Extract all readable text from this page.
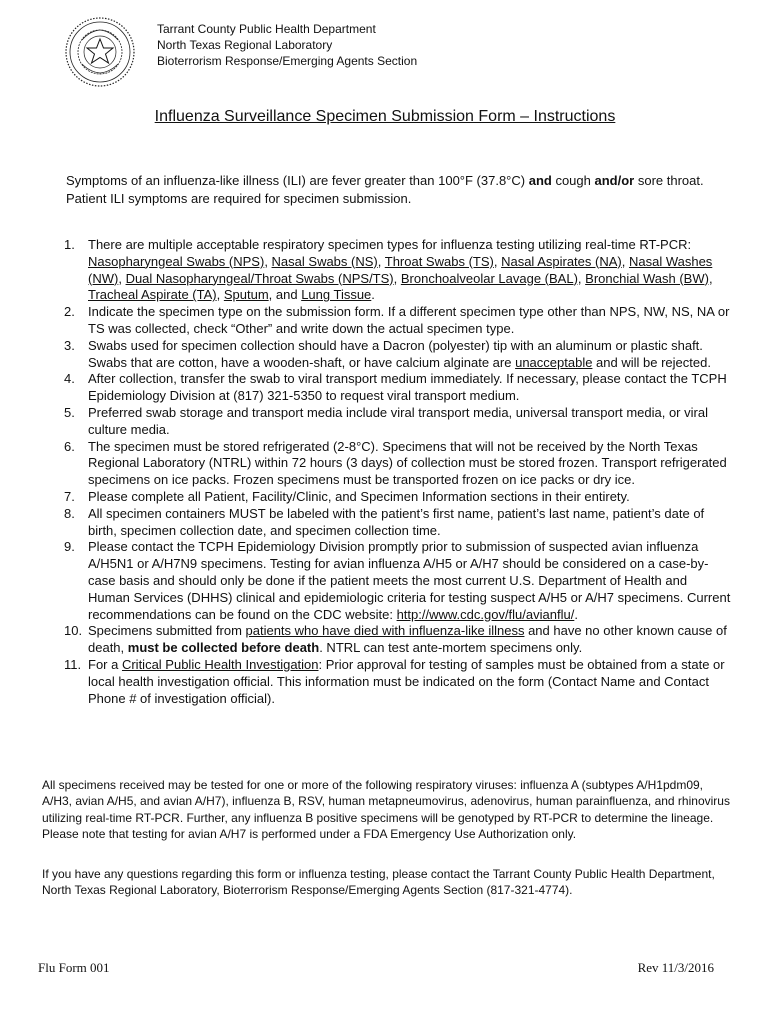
Tarrant County Public Health Department
North Texas Regional Laboratory
Bioterrorism Response/Emerging Agents Section
Influenza Surveillance Specimen Submission Form – Instructions
Symptoms of an influenza-like illness (ILI) are fever greater than 100°F (37.8°C) and cough and/or sore throat. Patient ILI symptoms are required for specimen submission.
1.	There are multiple acceptable respiratory specimen types for influenza testing utilizing real-time RT-PCR: Nasopharyngeal Swabs (NPS), Nasal Swabs (NS), Throat Swabs (TS), Nasal Aspirates (NA), Nasal Washes (NW), Dual Nasopharyngeal/Throat Swabs (NPS/TS), Bronchoalveolar Lavage (BAL), Bronchial Wash (BW), Tracheal Aspirate (TA), Sputum, and Lung Tissue.
2.	Indicate the specimen type on the submission form. If a different specimen type other than NPS, NW, NS, NA or TS was collected, check “Other” and write down the actual specimen type.
3.	Swabs used for specimen collection should have a Dacron (polyester) tip with an aluminum or plastic shaft. Swabs that are cotton, have a wooden-shaft, or have calcium alginate are unacceptable and will be rejected.
4.	After collection, transfer the swab to viral transport medium immediately. If necessary, please contact the TCPH Epidemiology Division at (817) 321-5350 to request viral transport medium.
5.	Preferred swab storage and transport media include viral transport media, universal transport media, or viral culture media.
6.	The specimen must be stored refrigerated (2-8°C). Specimens that will not be received by the North Texas Regional Laboratory (NTRL) within 72 hours (3 days) of collection must be stored frozen. Transport refrigerated specimens on ice packs. Frozen specimens must be transported frozen on ice packs or dry ice.
7.	Please complete all Patient, Facility/Clinic, and Specimen Information sections in their entirety.
8.	All specimen containers MUST be labeled with the patient’s first name, patient’s last name, patient’s date of birth, specimen collection date, and specimen collection time.
9.	Please contact the TCPH Epidemiology Division promptly prior to submission of suspected avian influenza A/H5N1 or A/H7N9 specimens. Testing for avian influenza A/H5 or A/H7 should be considered on a case-by-case basis and should only be done if the patient meets the most current U.S. Department of Health and Human Services (DHHS) clinical and epidemiologic criteria for testing suspect A/H5 or A/H7 specimens. Current recommendations can be found on the CDC website: http://www.cdc.gov/flu/avianflu/.
10. Specimens submitted from patients who have died with influenza-like illness and have no other known cause of death, must be collected before death. NTRL can test ante-mortem specimens only.
11. For a Critical Public Health Investigation: Prior approval for testing of samples must be obtained from a state or local health investigation official. This information must be indicated on the form (Contact Name and Contact Phone # of investigation official).
All specimens received may be tested for one or more of the following respiratory viruses: influenza A (subtypes A/H1pdm09, A/H3, avian A/H5, and avian A/H7), influenza B, RSV, human metapneumovirus, adenovirus, human parainfluenza, and rhinovirus utilizing real-time RT-PCR. Further, any influenza B positive specimens will be genotyped by RT-PCR to determine the lineage. Please note that testing for avian A/H7 is performed under a FDA Emergency Use Authorization only.
If you have any questions regarding this form or influenza testing, please contact the Tarrant County Public Health Department, North Texas Regional Laboratory, Bioterrorism Response/Emerging Agents Section (817-321-4774).
Flu Form 001	Rev 11/3/2016
